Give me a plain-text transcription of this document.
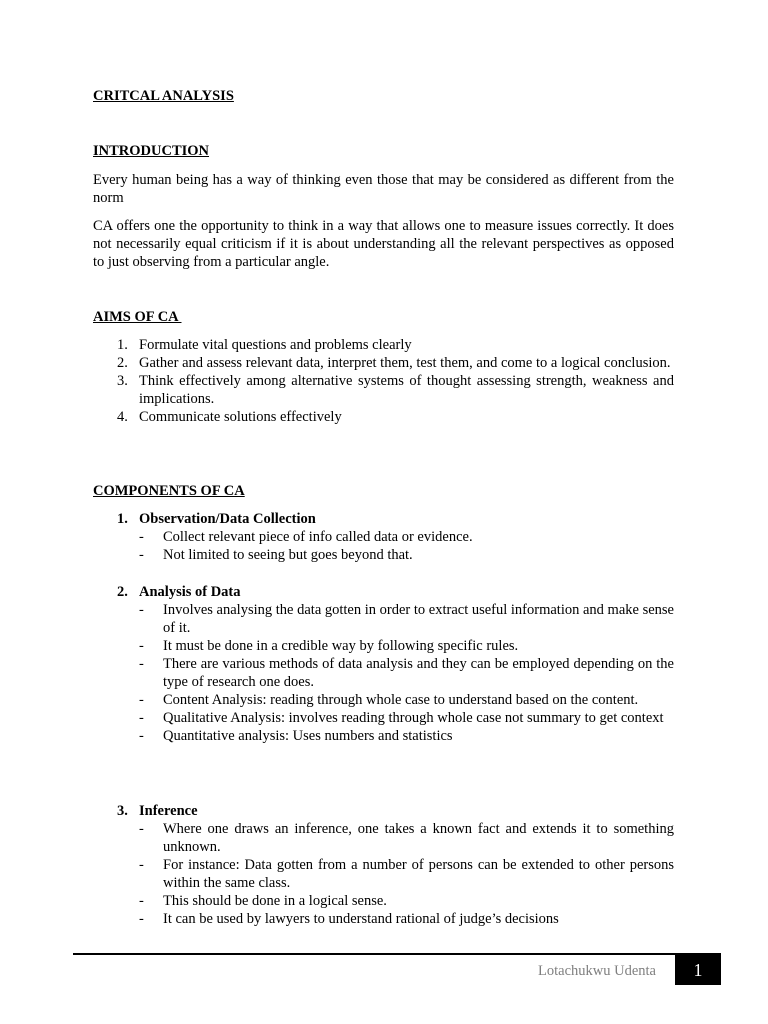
CRITCAL ANALYSIS
INTRODUCTION

Every human being has a way of thinking even those that may be considered as different from the norm

CA offers one the opportunity to think in a way that allows one to measure issues correctly. It does not necessarily equal criticism if it is about understanding all the relevant perspectives as opposed to just observing from a particular angle.

AIMS OF CA
1. Formulate vital questions and problems clearly
2. Gather and assess relevant data, interpret them, test them, and come to a logical conclusion.
3. Think effectively among alternative systems of thought assessing strength, weakness and implications.
4. Communicate solutions effectively
COMPONENTS OF CA
1. Observation/Data Collection
- Collect relevant piece of info called data or evidence.
- Not limited to seeing but goes beyond that.
2. Analysis of Data
- Involves analysing the data gotten in order to extract useful information and make sense of it.
- It must be done in a credible way by following specific rules.
- There are various methods of data analysis and they can be employed depending on the type of research one does.
- Content Analysis: reading through whole case to understand based on the content.
- Qualitative Analysis: involves reading through whole case not summary to get context
- Quantitative analysis: Uses numbers and statistics
3. Inference
- Where one draws an inference, one takes a known fact and extends it to something unknown.
- For instance: Data gotten from a number of persons can be extended to other persons within the same class.
- This should be done in a logical sense.
- It can be used by lawyers to understand rational of judge’s decisions
Lotachukwu Udenta	1
